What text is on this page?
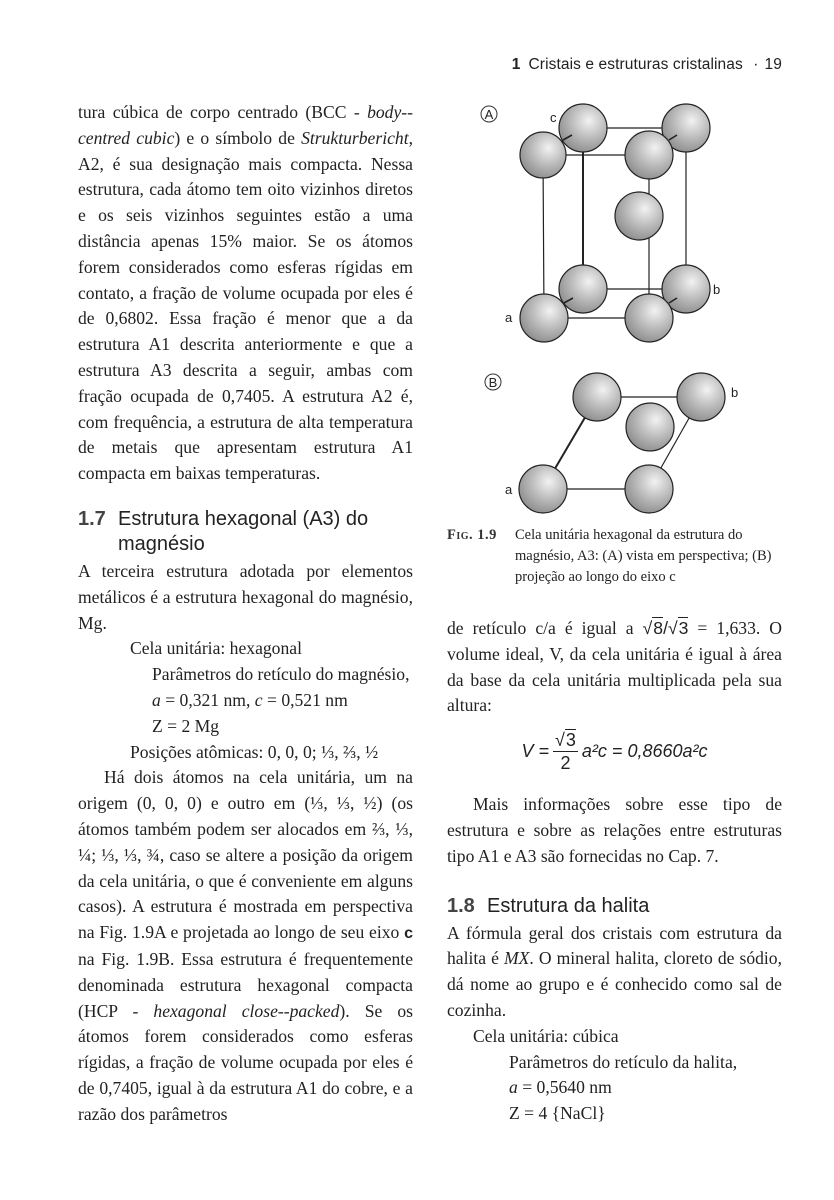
1 Cristais e estruturas cristalinas · 19

tura cúbica de corpo centrado (BCC - body--centred cubic) e o símbolo de Strukturbericht, A2, é sua designação mais compacta. Nessa estrutura, cada átomo tem oito vizinhos diretos e os seis vizinhos seguintes estão a uma distância apenas 15% maior. Se os átomos forem considerados como esferas rígidas em contato, a fração de volume ocupada por eles é de 0,6802. Essa fração é menor que a da estrutura A1 descrita anteriormente e que a estrutura A3 descrita a seguir, ambas com fração ocupada de 0,7405. A estrutura A2 é, com frequência, a estrutura de alta temperatura de metais que apresentam estrutura A1 compacta em baixas temperaturas.

1.7 Estrutura hexagonal (A3) do magnésio

A terceira estrutura adotada por elementos metálicos é a estrutura hexagonal do magnésio, Mg.

Cela unitária: hexagonal
Parâmetros do retículo do magnésio,
a = 0,321 nm, c = 0,521 nm
Z = 2 Mg
Posições atômicas: 0, 0, 0; ⅓, ⅔, ½

Há dois átomos na cela unitária, um na origem (0, 0, 0) e outro em (⅓, ⅓, ½) (os átomos também podem ser alocados em ⅔, ⅓, ¼; ⅓, ⅓, ¾, caso se altere a posição da origem da cela unitária, o que é conveniente em alguns casos). A estrutura é mostrada em perspectiva na Fig. 1.9A e projetada ao longo de seu eixo c na Fig. 1.9B. Essa estrutura é frequentemente denominada estrutura hexagonal compacta (HCP - hexagonal close--packed). Se os átomos forem considerados como esferas rígidas, a fração de volume ocupada por eles é de 0,7405, igual à da estrutura A1 do cobre, e a razão dos parâmetros

A	c
b
a
B
b
a
Fig. 1.9	Cela unitária hexagonal da estrutura do magnésio, A3: (A) vista em perspectiva; (B) projeção ao longo do eixo c

de retículo c/a é igual a √8/√3 = 1,633. O volume ideal, V, da cela unitária é igual à área da base da cela unitária multiplicada pela sua altura:

$V = \frac{√3}{2} a^2c = 0,8660a^2c$

Mais informações sobre esse tipo de estrutura e sobre as relações entre estruturas tipo A1 e A3 são fornecidas no Cap. 7.

1.8 Estrutura da halita

A fórmula geral dos cristais com estrutura da halita é MX. O mineral halita, cloreto de sódio, dá nome ao grupo e é conhecido como sal de cozinha.

Cela unitária: cúbica
Parâmetros do retículo da halita,
a = 0,5640 nm
Z = 4 {NaCl}
